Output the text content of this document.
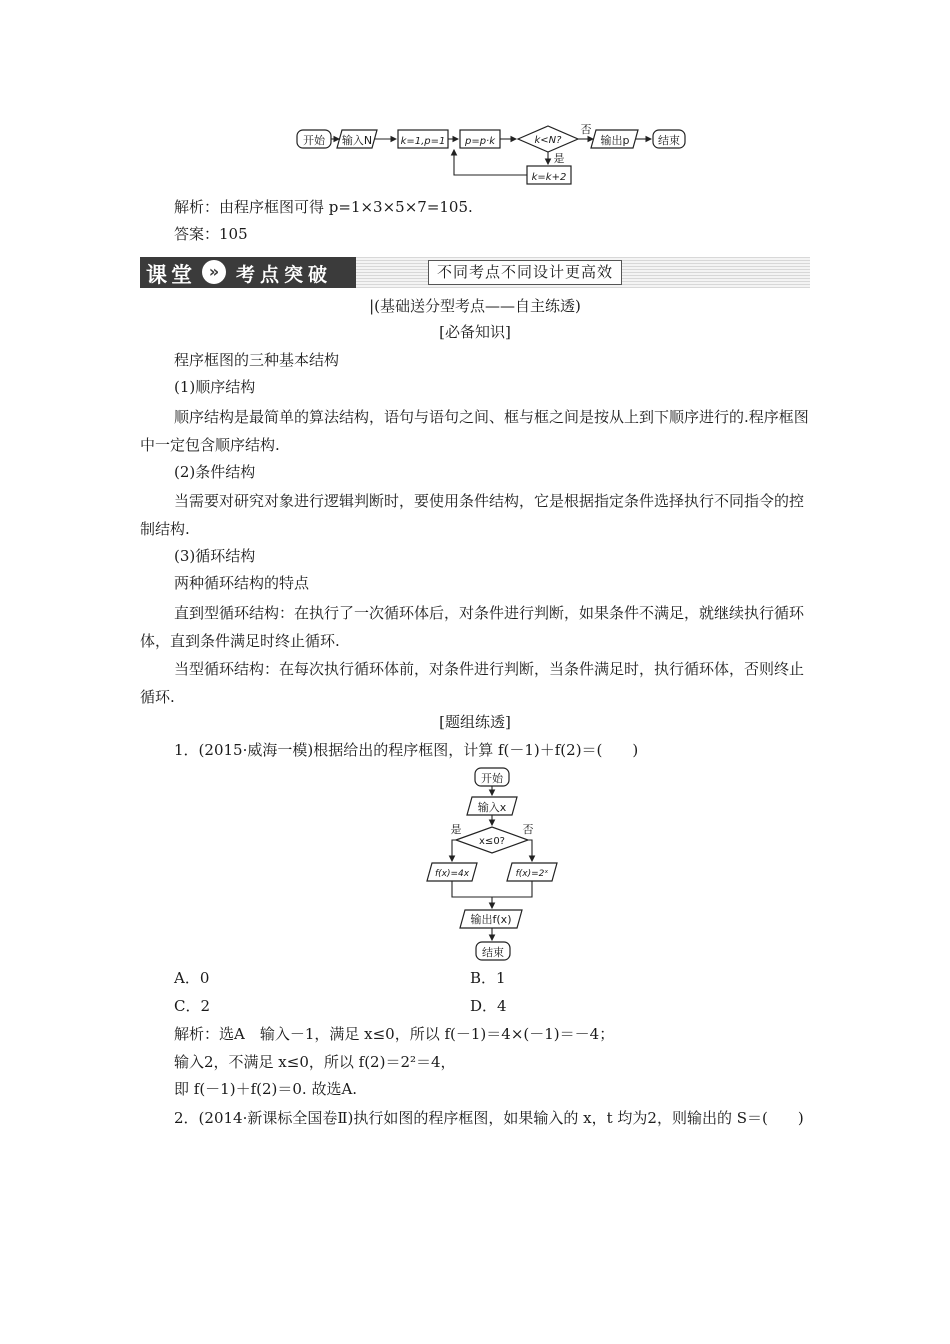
开始 输入N	k=1,p=1 p=p·k	k<N?
否
是
输出p	结束
k=k+2
解析：由程序框图可得 p=1×3×5×7=105.
答案：105
课堂 » 考点突破	不同考点不同设计更高效
|(基础送分型考点——自主练透)
[必备知识]
程序框图的三种基本结构
(1)顺序结构
顺序结构是最简单的算法结构，语句与语句之间、框与框之间是按从上到下顺序进行的.程序框图中一定包含顺序结构.
(2)条件结构
当需要对研究对象进行逻辑判断时，要使用条件结构，它是根据指定条件选择执行不同指令的控制结构.
(3)循环结构
两种循环结构的特点
直到型循环结构：在执行了一次循环体后，对条件进行判断，如果条件不满足，就继续执行循环体，直到条件满足时终止循环.
当型循环结构：在每次执行循环体前，对条件进行判断，当条件满足时，执行循环体，否则终止循环.
[题组练透]
1．(2015·威海一模)根据给出的程序框图，计算 f(－1)＋f(2)＝(　　)
开始
输入x
x≤0?
是	否
f(x)=4x	f(x)=2ˣ
输出f(x)
结束
A．0	B．1
C．2	D．4
解析：选A　输入－1，满足 x≤0，所以 f(－1)＝4×(－1)＝－4；
输入2，不满足 x≤0，所以 f(2)＝2²＝4，
即 f(－1)＋f(2)＝0. 故选A.
2．(2014·新课标全国卷Ⅱ)执行如图的程序框图，如果输入的 x，t 均为2，则输出的 S＝(　　)
